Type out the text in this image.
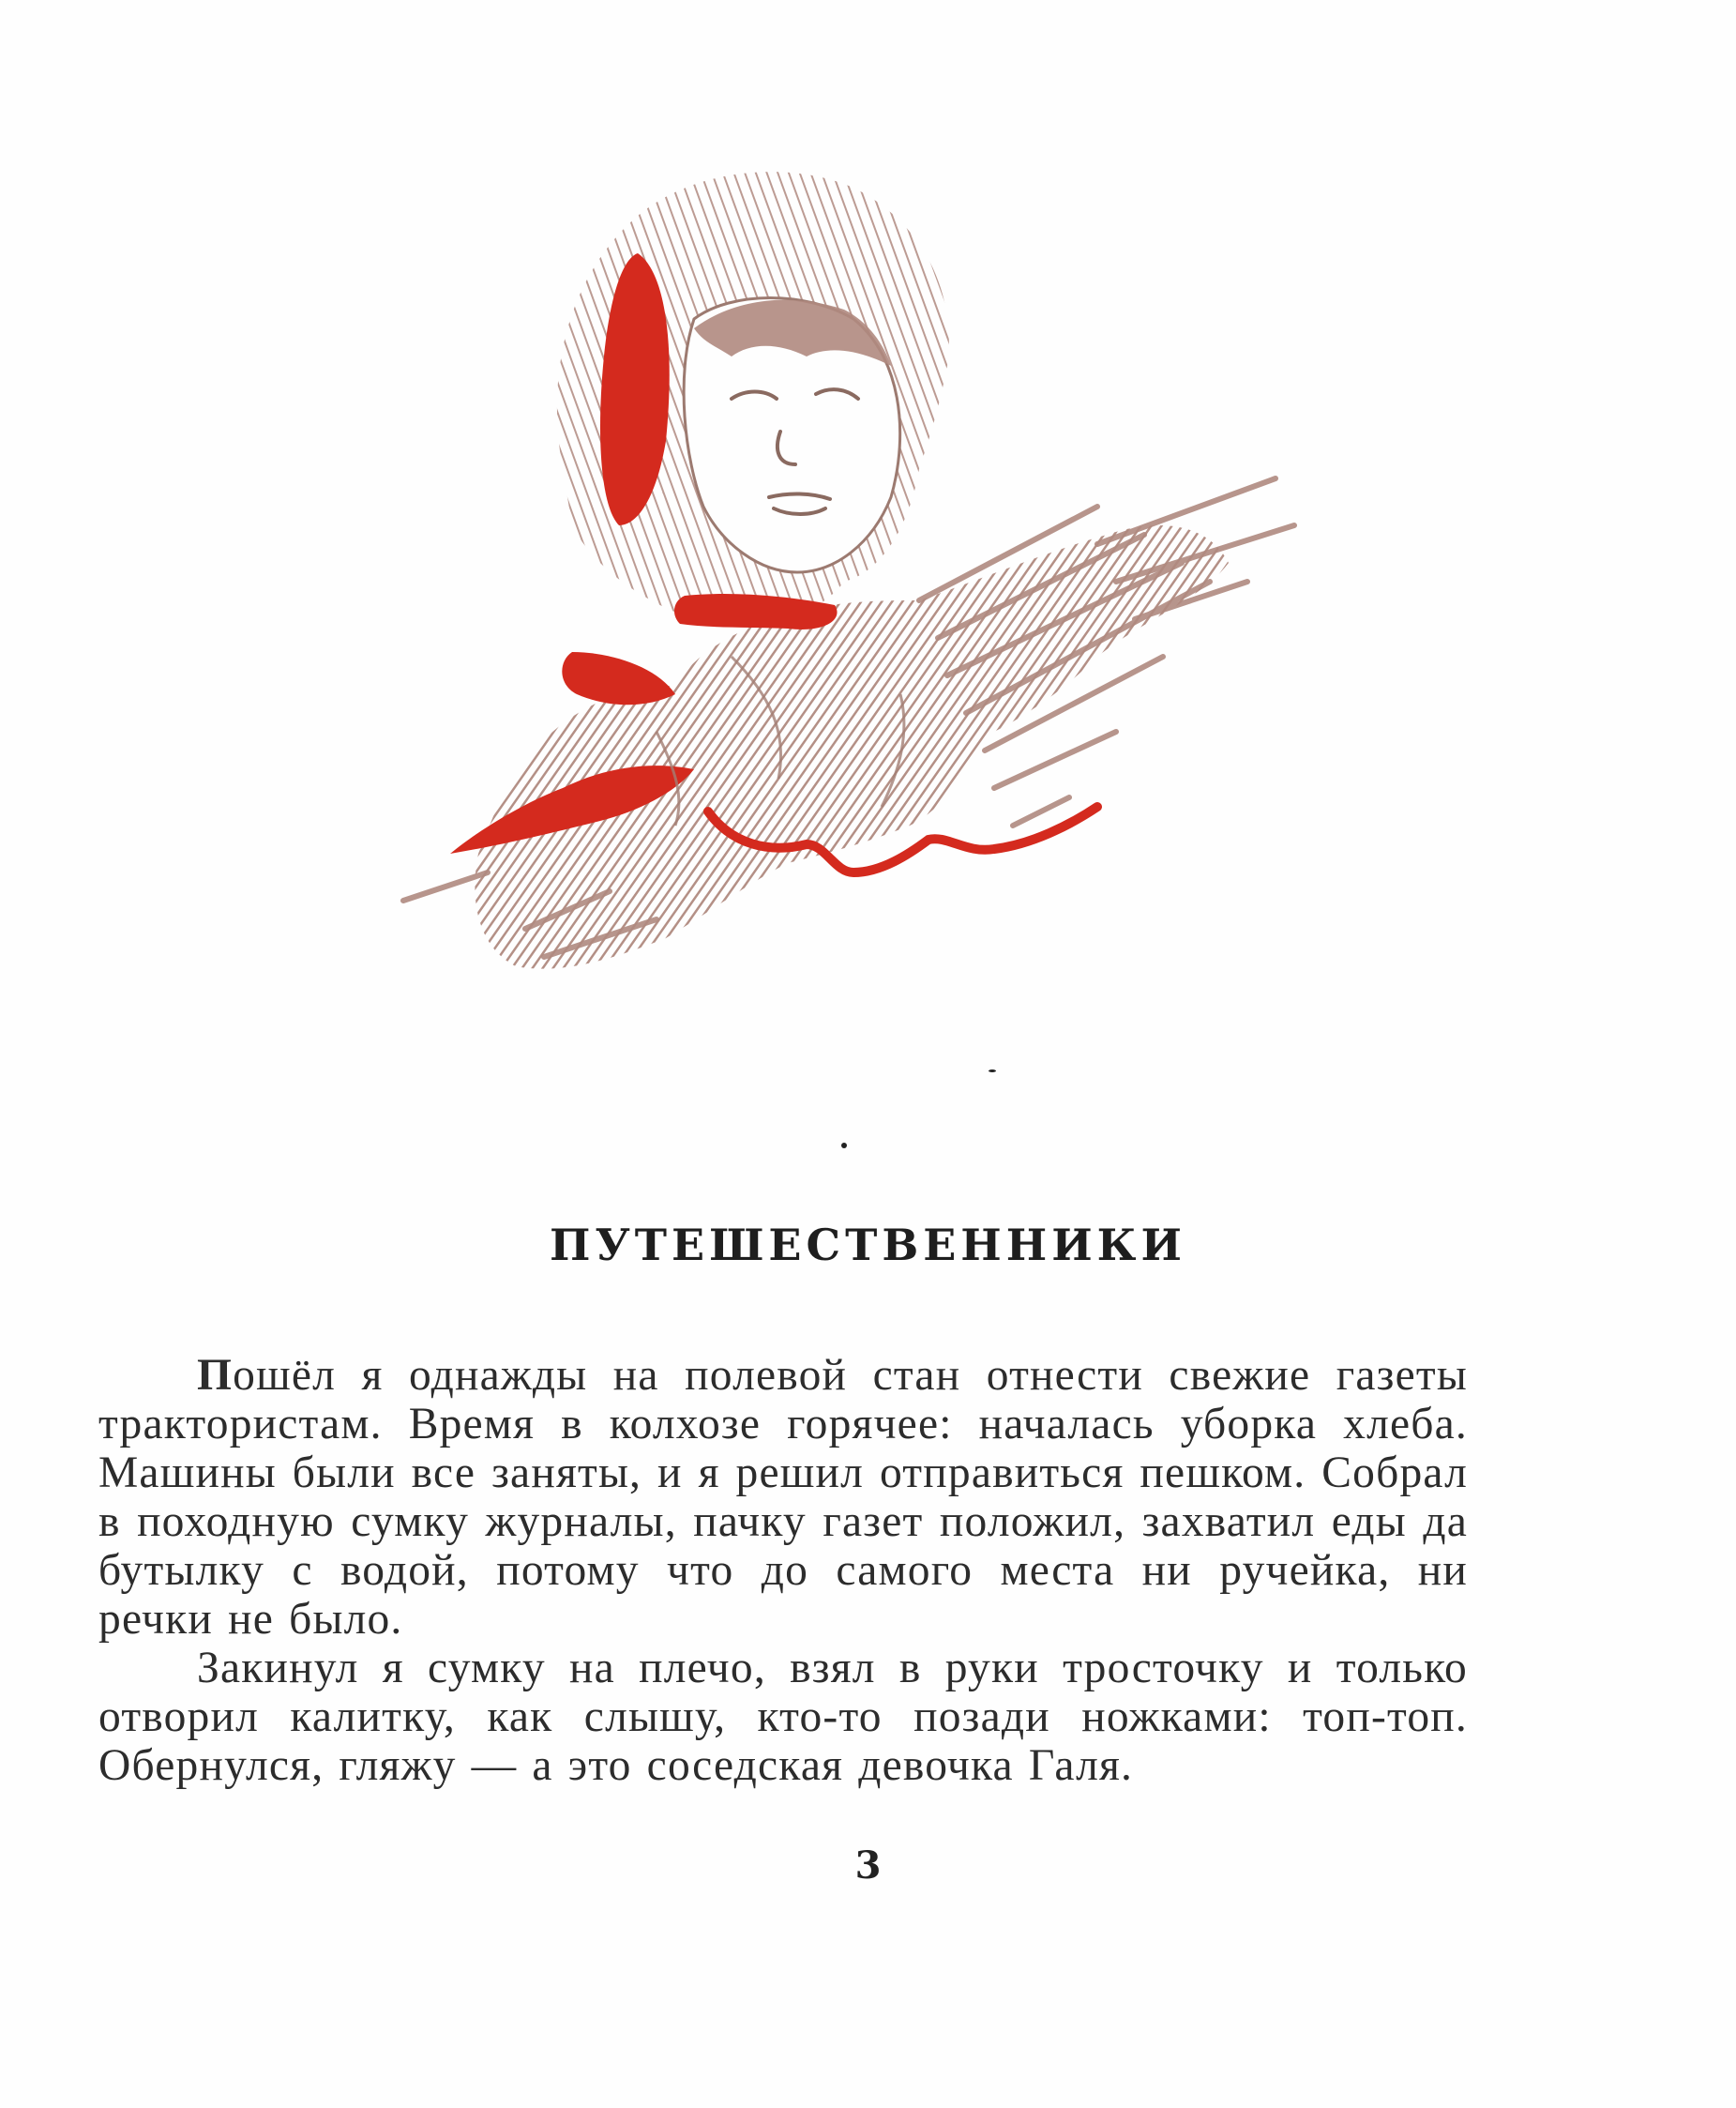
ПУТЕШЕСТВЕННИКИ

Пошёл я однажды на полевой стан отнести свежие газеты трактористам. Время в колхозе горячее: началась уборка хлеба. Машины были все заняты, и я решил отправиться пешком. Собрал в походную сумку журналы, пачку газет положил, захватил еды да бутылку с водой, потому что до самого места ни ручейка, ни речки не было.

Закинул я сумку на плечо, взял в руки тросточку и только отворил калитку, как слышу, кто-то позади ножками: топ-топ. Обернулся, гляжу — а это соседская девочка Галя.

3
